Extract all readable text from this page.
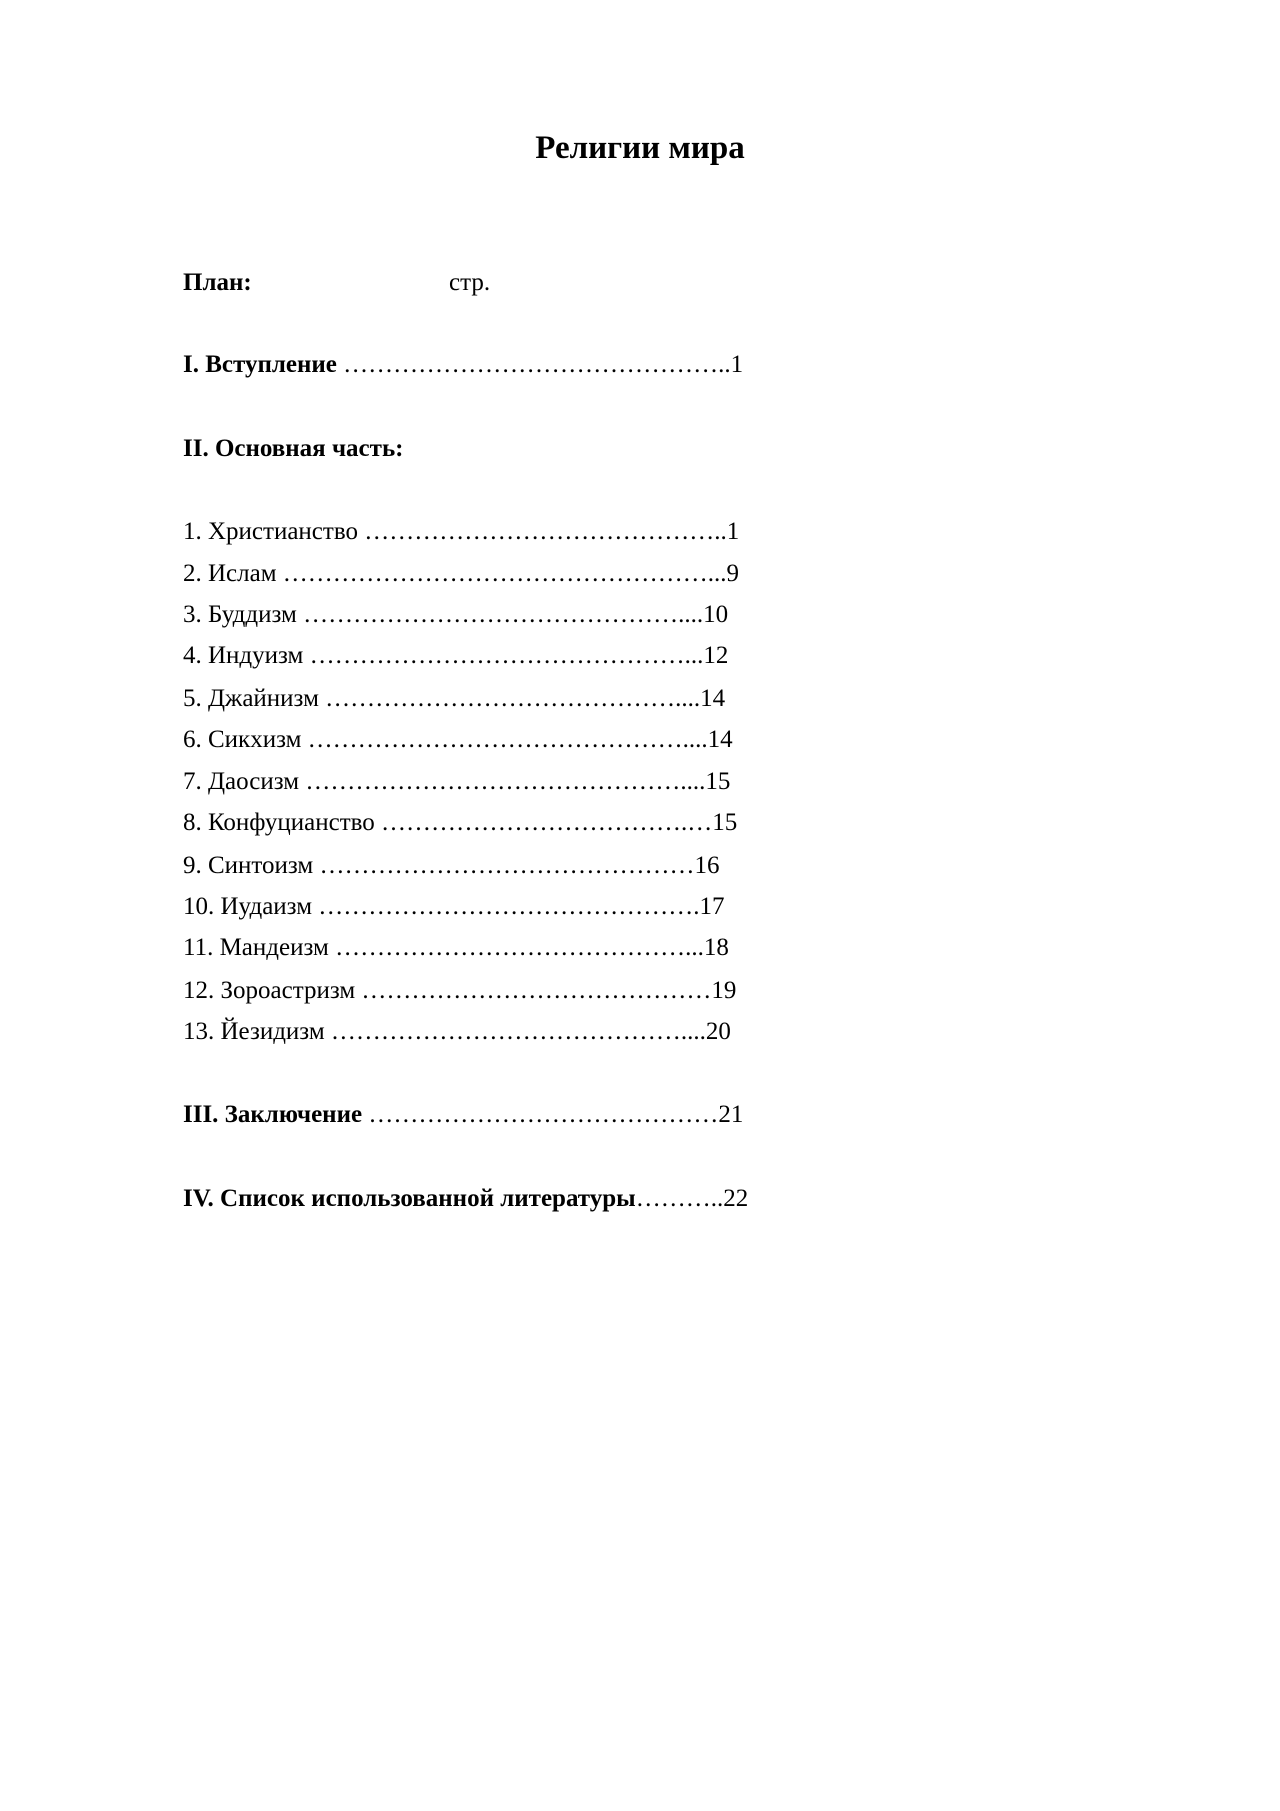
Религии мира
План:	стр.
I. Вступление ………………………………………..1
II. Основная часть:
1. Христианство ……………………………………..1
2. Ислам ……………………………………………...9
3. Буддизм ………………………………………....10
4. Индуизм ………………………………………...12
5. Джайнизм ……………………………………....14
6. Сикхизм ………………………………………....14
7. Даосизм ………………………………………....15
8. Конфуцианство ……………………………….…15
9. Синтоизм ………………………………………16
10. Иудаизм ……………………………………….17
11. Мандеизм ……………………………………...18
12. Зороастризм ……………………………………19
13. Йезидизм ……………………………………....20
III. Заключение ……………………………………21
IV. Список использованной литературы………..22
